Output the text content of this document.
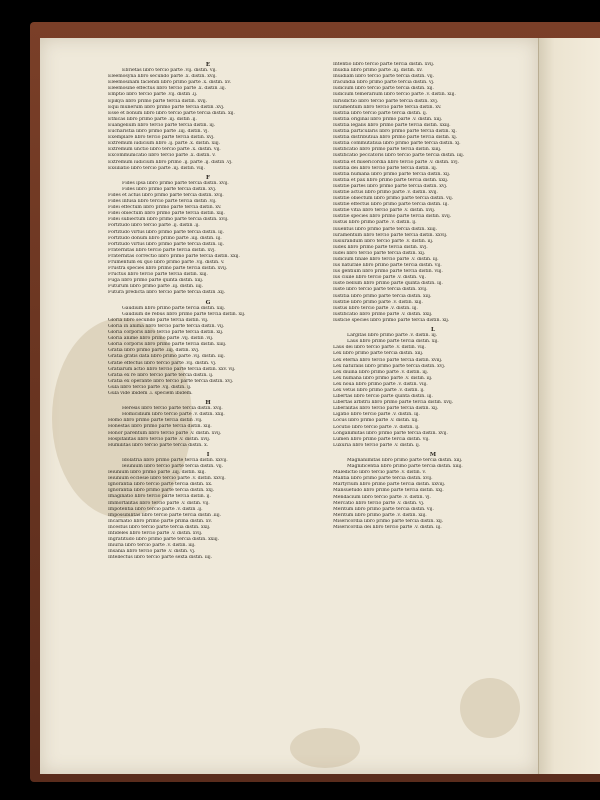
E
Ebrietas libro tercio parte .vij. distin. vij.
Eleemosyna libro secundo parte .x. distin. xvij.
Eleemosinam faciendi libro primo parte .x. distin. xv.
Eleemosine effectus libro tercio parte .x. distin .iij.
Emptio libro tercio parte .vij. distin .ij.
Epikya libro primo parte tercia distin. xvij.
Equi munerum libro primo parte tercia distin .xvj.
Esse et bonum libro libro tercio parte tercia distin. xij.
Ethicas libro primo parte .iij. distin .ij.
Euangelium libro tercio parte tercia distin. iij.
Eucharistia libro primo parte .iiij. distin. vj.
Exemplare libro tercio parte tercia distin. xvj.
Extremum iudicium libro .ij. parte .x. distin. xiij.
Extremum unctio libro tercio parte .x. distin. vij.
Excommunicatio libro tercio parte .x. distin. v.
Extremum iudicium libro primo .ij. parte .ij. distin .vj.
Exsiliatio libro tercio parte .iij. distin. viij.
F
Fides ipsa libro primo parte tercia distin. xvij.
Fides libro primo parte tercia distin. xvj.
Fides et actus libro primo parte tercia distin. xvij.
Fides infusa libro tercio parte tercia distin .vij.
Fidei effectum libro primo parte tercia distin. xv.
Fidei obiectum libro primo parte tercia distin. xiij.
Fidei subiectum libro primo parte tercia distin. xvij.
Fortitudo libro tercio parte .ij. distin .ij.
Fortitudo virtus libro primo parte tercia distin. iij.
Fortitudo donum libro primo parte .iiij. distin. iij.
Fortitudo virtus libro primo parte tercia distin. iij.
Fraternitas libro tercio parte tercia distin. xvj.
Fraternitas correctio libro primo parte tercia distin. xxij.
Frumentum ex quo libro primo parte .vij. distin. v.
Frustra species libro primo parte tercia distin. xvij.
Fructus libro tercio parte tercia distin. xiij.
Fuga libro primo parte quinta distin. xiij.
Futurum libro primo parte .iij. distin. iiij.
Futura predicta libro tercio parte tercia distin .xij.
G
Gaudium libro primo parte tercia distin. xiij.
Gaudium de rebus libro primo parte tercia distin. xij.
Gloria libro secundo parte tercia distin. vij.
Gloria in anima libro tercio parte tercia distin. vij.
Gloria corporis libro tercio parte tercia distin. xij.
Gloria anime libro primo parte .vij. distin .vij.
Gloria corporis libro primo parte tercia distin. xiiij.
Gratia libro primo parte .iiij. distin. xvj.
Gratia gratis data libro primo parte .vij. distin. iiij.
Gratie effectus libro tercio parte .vij. distin. vj.
Gratiarum actio libro tercio parte tercia distin. xxv. vij.
Gratia ex re libro tercio parte tercia distin. ij.
Gratia ex operante libro tercio parte tercia distin. xvj.
Gula libro tercio parte .vij. distin. ij.
Gula vide ibidem .i. speciem ibidem.
H
Heresis libro tercio parte tercia distin. xvij.
Homicidium libro tercio parte .v. distin. xxij.
Homo libro primo parte tercia distin .vij.
Honestas libro primo parte tercia distin. xiij.
Honor parentum libro tercio parte .v. distin. xvij.
Hospitalitas libro tercio parte .v. distin. xvij.
Humilitas libro tercio parte tercia distin. x.
I
Idolatria libro primo parte tercia distin. xxvij.
Ieiunium libro tercio parte tercia distin. vij.
Ieiunium libro primo parte .iiij. distin. xiij.
Ieiunium ecclesie libro tercio parte .v. distin. xxvij.
Ignorantia libro tercio parte tercia distin. xx.
Ignorantia libro primo parte tercia distin. xxj.
Imaginatio libro tercio parte tercia distin. ij.
Immortalitas libro tercio parte .v. distin. vij.
Impotentia libro tercio parte .v. distin .ij.
Impossibilitas libro tercio parte tercia distin .iiij.
Incarnatio libro primo parte prima distin. xv.
Incestus libro tercio parte tercia distin. xxij.
Infideles libro tercio parte .v. distin. xvij.
Ingratitudo libro primo parte tercia distin. xxiij.
Iniuria libro tercio parte .v. distin. iiij.
Insania libro tercio parte .v. distin. vj.
Intellectus libro tercio parte sexta distin. iiij.
Intentio libro tercio parte tercia distin. xvij.
Inuidia libro primo parte .iij. distin. xv.
Inuidiam libro tercio parte tercia distin. vij.
Iracundia libro primo parte tercia distin. vj.
Iudicium libro tercio parte tercia distin. xij.
Iudicium temerarium libro tercio parte .v. distin. xiij.
Iurisdictio libro tercio parte tercia distin. xvj.
Iuramentum libro tercio parte tercia distin. xv.
Iustitia libro tercio parte tercia distin. ij.
Iustitia original libro primo parte .v. distin. xiij.
Iustitia legalis libro primo parte tercia distin. xxiij.
Iustitia particularis libro primo parte tercia distin. xj.
Iustitia distributiua libro primo parte tercia distin. xj.
Iustitia commutatiua libro primo parte tercia distin. xj.
Iustificatio libro primo parte tercia distin. xiiij.
Iustificatio peccatoris libro tercio parte tercia distin. iiij.
Iustitia et misericordia libro tercio parte .v. distin. xvj.
Iustitia dei libro tercio parte tercia distin. iij.
Iustitia humana libro primo parte tercia distin. xij.
Iustitia et pax libro primo parte tercia distin. xxij.
Iustitie partes libro primo parte tercia distin. xvj.
Iustitie actus libro primo parte .v. distin. xvij.
Iustitie obiectum libro primo parte tercia distin. vij.
Iustitie effectus libro primo parte tercia distin. iij.
Iustitie vitia libro tercio parte .v. distin. xvij.
Iustitie species libro primo parte tercia distin. xvij.
Iustus libro primo parte .v. distin. ij.
Iuuentus libro primo parte tercia distin. xiiij.
Iuramentum libro tercio parte tercia distin. xxvij.
Iusiurandum libro tercio parte .v. distin. iij.
Iudex libro primo parte tercia distin. xvj.
Iudei libro tercio parte tercia distin. xij.
Iudicium finale libro tercio parte .v. distin. iij.
Ius naturale libro primo parte tercia distin. vij.
Ius gentium libro primo parte tercia distin. viij.
Ius ciuile libro tercio parte .v. distin. vij.
Iuste bellum libro primo parte quinta distin. iij.
Iuste libro tercio parte tercia distin. xvij.
Iustitia libro primo parte tercia distin. xiij.
Iustitie libro primo parte .v. distin. xiij.
Iustus libro tercio parte .v. distin. iij.
Iustificatio libro primo parte .v. distin. xxij.
Iusticie species libro primo parte tercia distin. xij.
L
Largitas libro primo parte .v. distin. iij.
Laus libro primo parte tercia distin. xij.
Laus dei libro tercio parte .v. distin. viij.
Lex libro primo parte tercia distin. xiij.
Lex eterna libro tercio parte tercia distin. xviij.
Lex naturalis libro primo parte tercia distin. xvj.
Lex diuina libro primo parte .v. distin. iij.
Lex humana libro primo parte .v. distin. iij.
Lex noua libro primo parte .v. distin. viij.
Lex vetus libro primo parte .v. distin. ij.
Libertas libro tercio parte quinta distin. iij.
Libertas arbitrii libro primo parte tercia distin. xvij.
Liberalitas libro tercio parte tercia distin. xij.
Ligatio libro tercio parte .v. distin. iij.
Locus libro primo parte .v. distin. xij.
Locutio libro tercio parte .v. distin. ij.
Longanimitas libro primo parte tercia distin. xvij.
Lumen libro primo parte tercia distin. vij.
Luxuria libro tercio parte .v. distin. ij.
M
Magnanimitas libro primo parte tercia distin. xiij.
Magnificentia libro primo parte tercia distin. xiiij.
Maledictio libro tercio parte .v. distin. v.
Malitia libro primo parte tercia distin. xvij.
Martyrium libro primo parte tercia distin. xxviij.
Mansuetudo libro primo parte tercia distin. xxj.
Mendacium libro tercio parte .v. distin. vj.
Mercatio libro tercio parte .v. distin. vj.
Meritum libro primo parte tercia distin. vij.
Meritum libro primo parte .v. distin. xiij.
Misericordia libro primo parte tercia distin. xij.
Misericordia dei libro tercio parte .v. distin. iij.
